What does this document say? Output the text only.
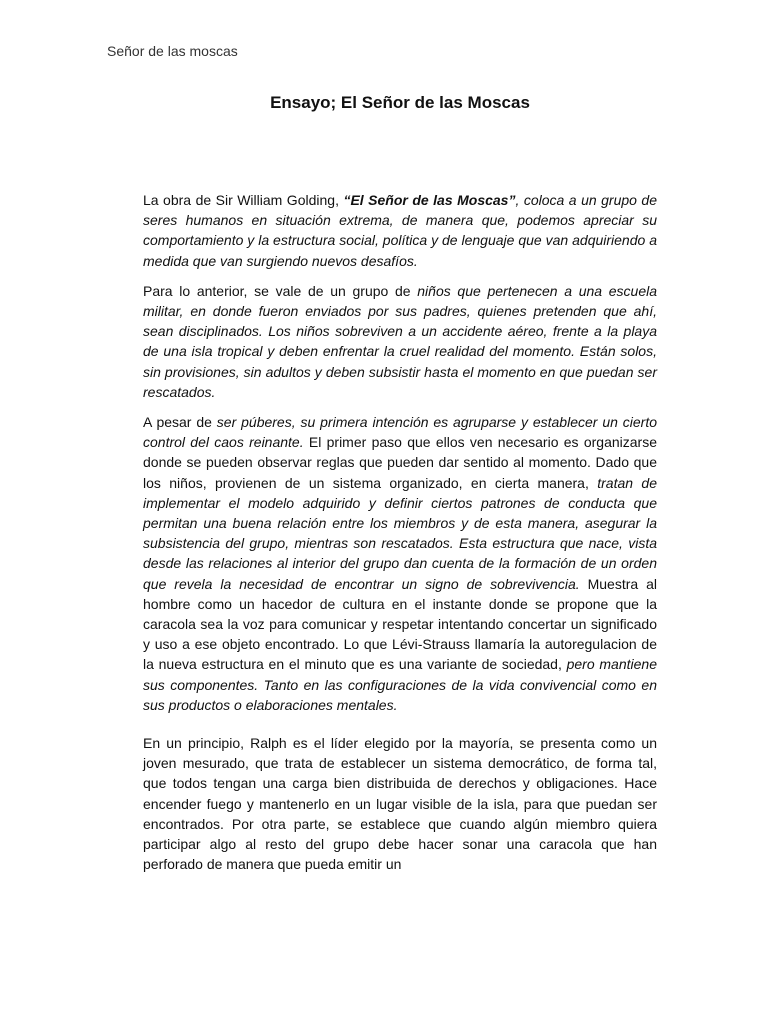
Señor de las moscas

Ensayo; El Señor de las Moscas

La obra de Sir William Golding, “El Señor de las Moscas”, coloca a un grupo de seres humanos en situación extrema, de manera que, podemos apreciar su comportamiento y la estructura social, política y de lenguaje que van adquiriendo a medida que van surgiendo nuevos desafíos.

Para lo anterior, se vale de un grupo de niños que pertenecen a una escuela militar, en donde fueron enviados por sus padres, quienes pretenden que ahí, sean disciplinados. Los niños sobreviven a un accidente aéreo, frente a la playa de una isla tropical y deben enfrentar la cruel realidad del momento. Están solos, sin provisiones, sin adultos y deben subsistir hasta el momento en que puedan ser rescatados.

A pesar de ser púberes, su primera intención es agruparse y establecer un cierto control del caos reinante. El primer paso que ellos ven necesario es organizarse donde se pueden observar reglas que pueden dar sentido al momento. Dado que los niños, provienen de un sistema organizado, en cierta manera, tratan de implementar el modelo adquirido y definir ciertos patrones de conducta que permitan una buena relación entre los miembros y de esta manera, asegurar la subsistencia del grupo, mientras son rescatados. Esta estructura que nace, vista desde las relaciones al interior del grupo dan cuenta de la formación de un orden que revela la necesidad de encontrar un signo de sobrevivencia. Muestra al hombre como un hacedor de cultura en el instante donde se propone que la caracola sea la voz para comunicar y respetar intentando concertar un significado y uso a ese objeto encontrado. Lo que Lévi-Strauss llamaría la autoregulacion de la nueva estructura en el minuto que es una variante de sociedad, pero mantiene sus componentes. Tanto en las configuraciones de la vida convivencial como en sus productos o elaboraciones mentales.

En un principio, Ralph es el líder elegido por la mayoría, se presenta como un joven mesurado, que trata de establecer un sistema democrático, de forma tal, que todos tengan una carga bien distribuida de derechos y obligaciones. Hace encender fuego y mantenerlo en un lugar visible de la isla, para que puedan ser encontrados. Por otra parte, se establece que cuando algún miembro quiera participar algo al resto del grupo debe hacer sonar una caracola que han perforado de manera que pueda emitir un
